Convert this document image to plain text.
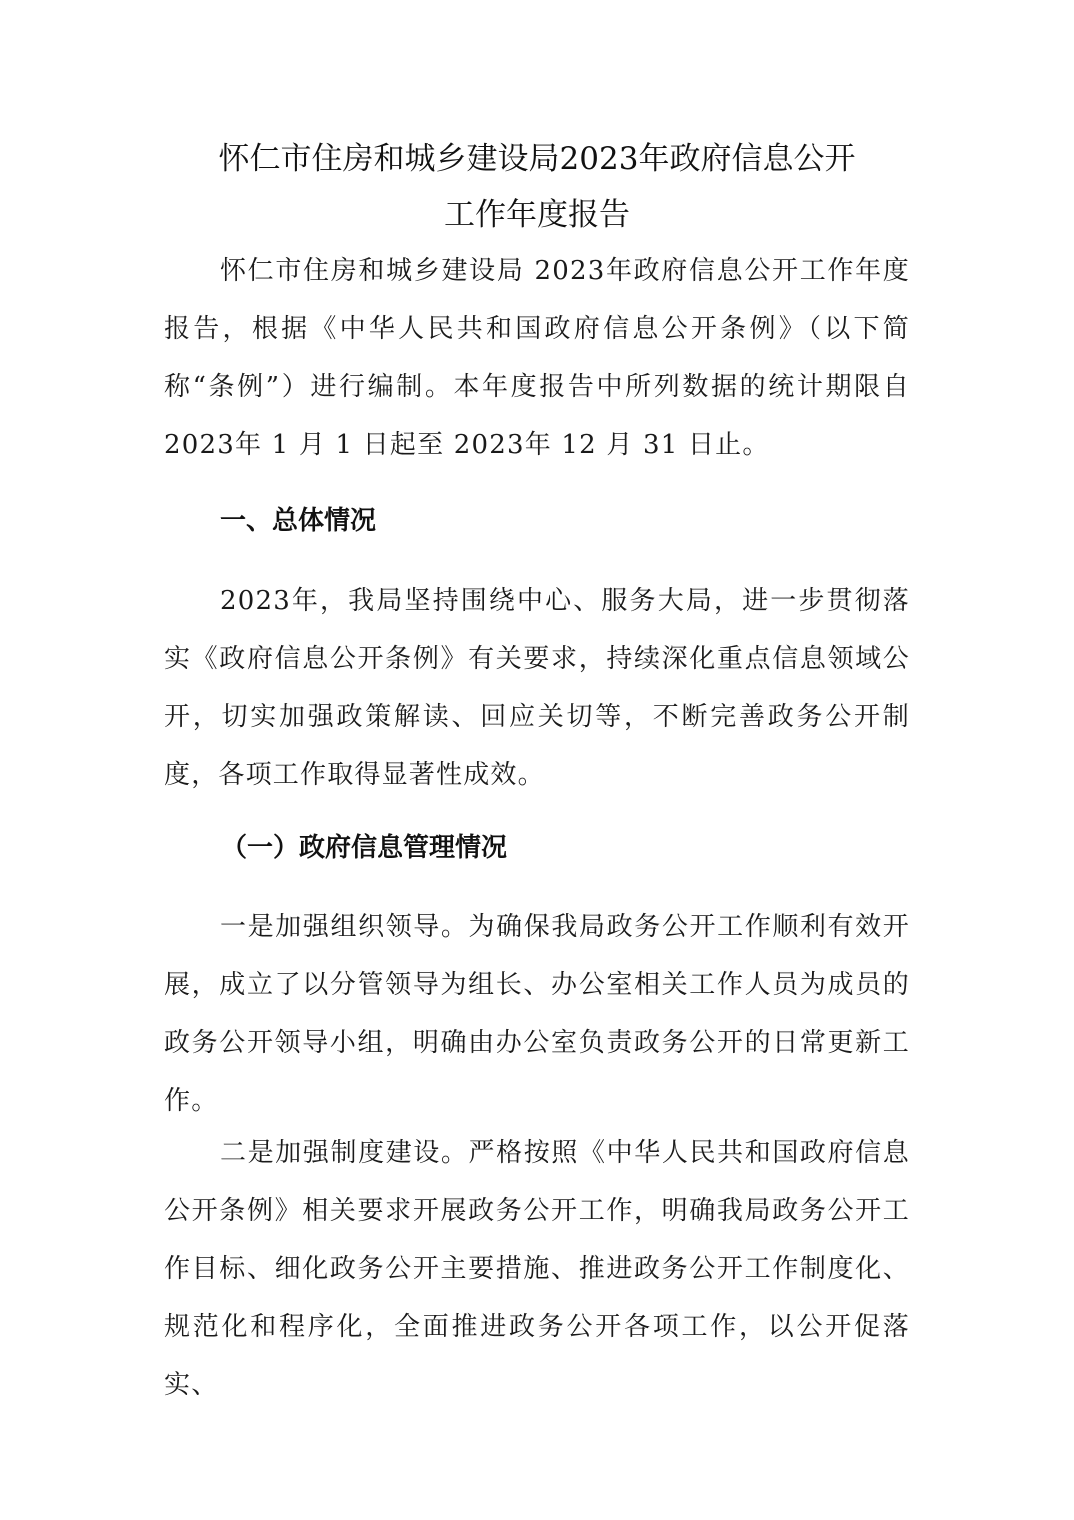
怀仁市住房和城乡建设局2023年政府信息公开
工作年度报告

怀仁市住房和城乡建设局 2023年政府信息公开工作年度报告，根据《中华人民共和国政府信息公开条例》（以下简称“条例”）进行编制。本年度报告中所列数据的统计期限自 2023年 1 月 1 日起至 2023年 12 月 31 日止。

一、总体情况

2023年，我局坚持围绕中心、服务大局，进一步贯彻落实《政府信息公开条例》有关要求，持续深化重点信息领域公开，切实加强政策解读、回应关切等，不断完善政务公开制度，各项工作取得显著性成效。

（一）政府信息管理情况

一是加强组织领导。为确保我局政务公开工作顺利有效开展，成立了以分管领导为组长、办公室相关工作人员为成员的政务公开领导小组，明确由办公室负责政务公开的日常更新工作。

二是加强制度建设。严格按照《中华人民共和国政府信息公开条例》相关要求开展政务公开工作，明确我局政务公开工作目标、细化政务公开主要措施、推进政务公开工作制度化、规范化和程序化，全面推进政务公开各项工作，以公开促落实、
